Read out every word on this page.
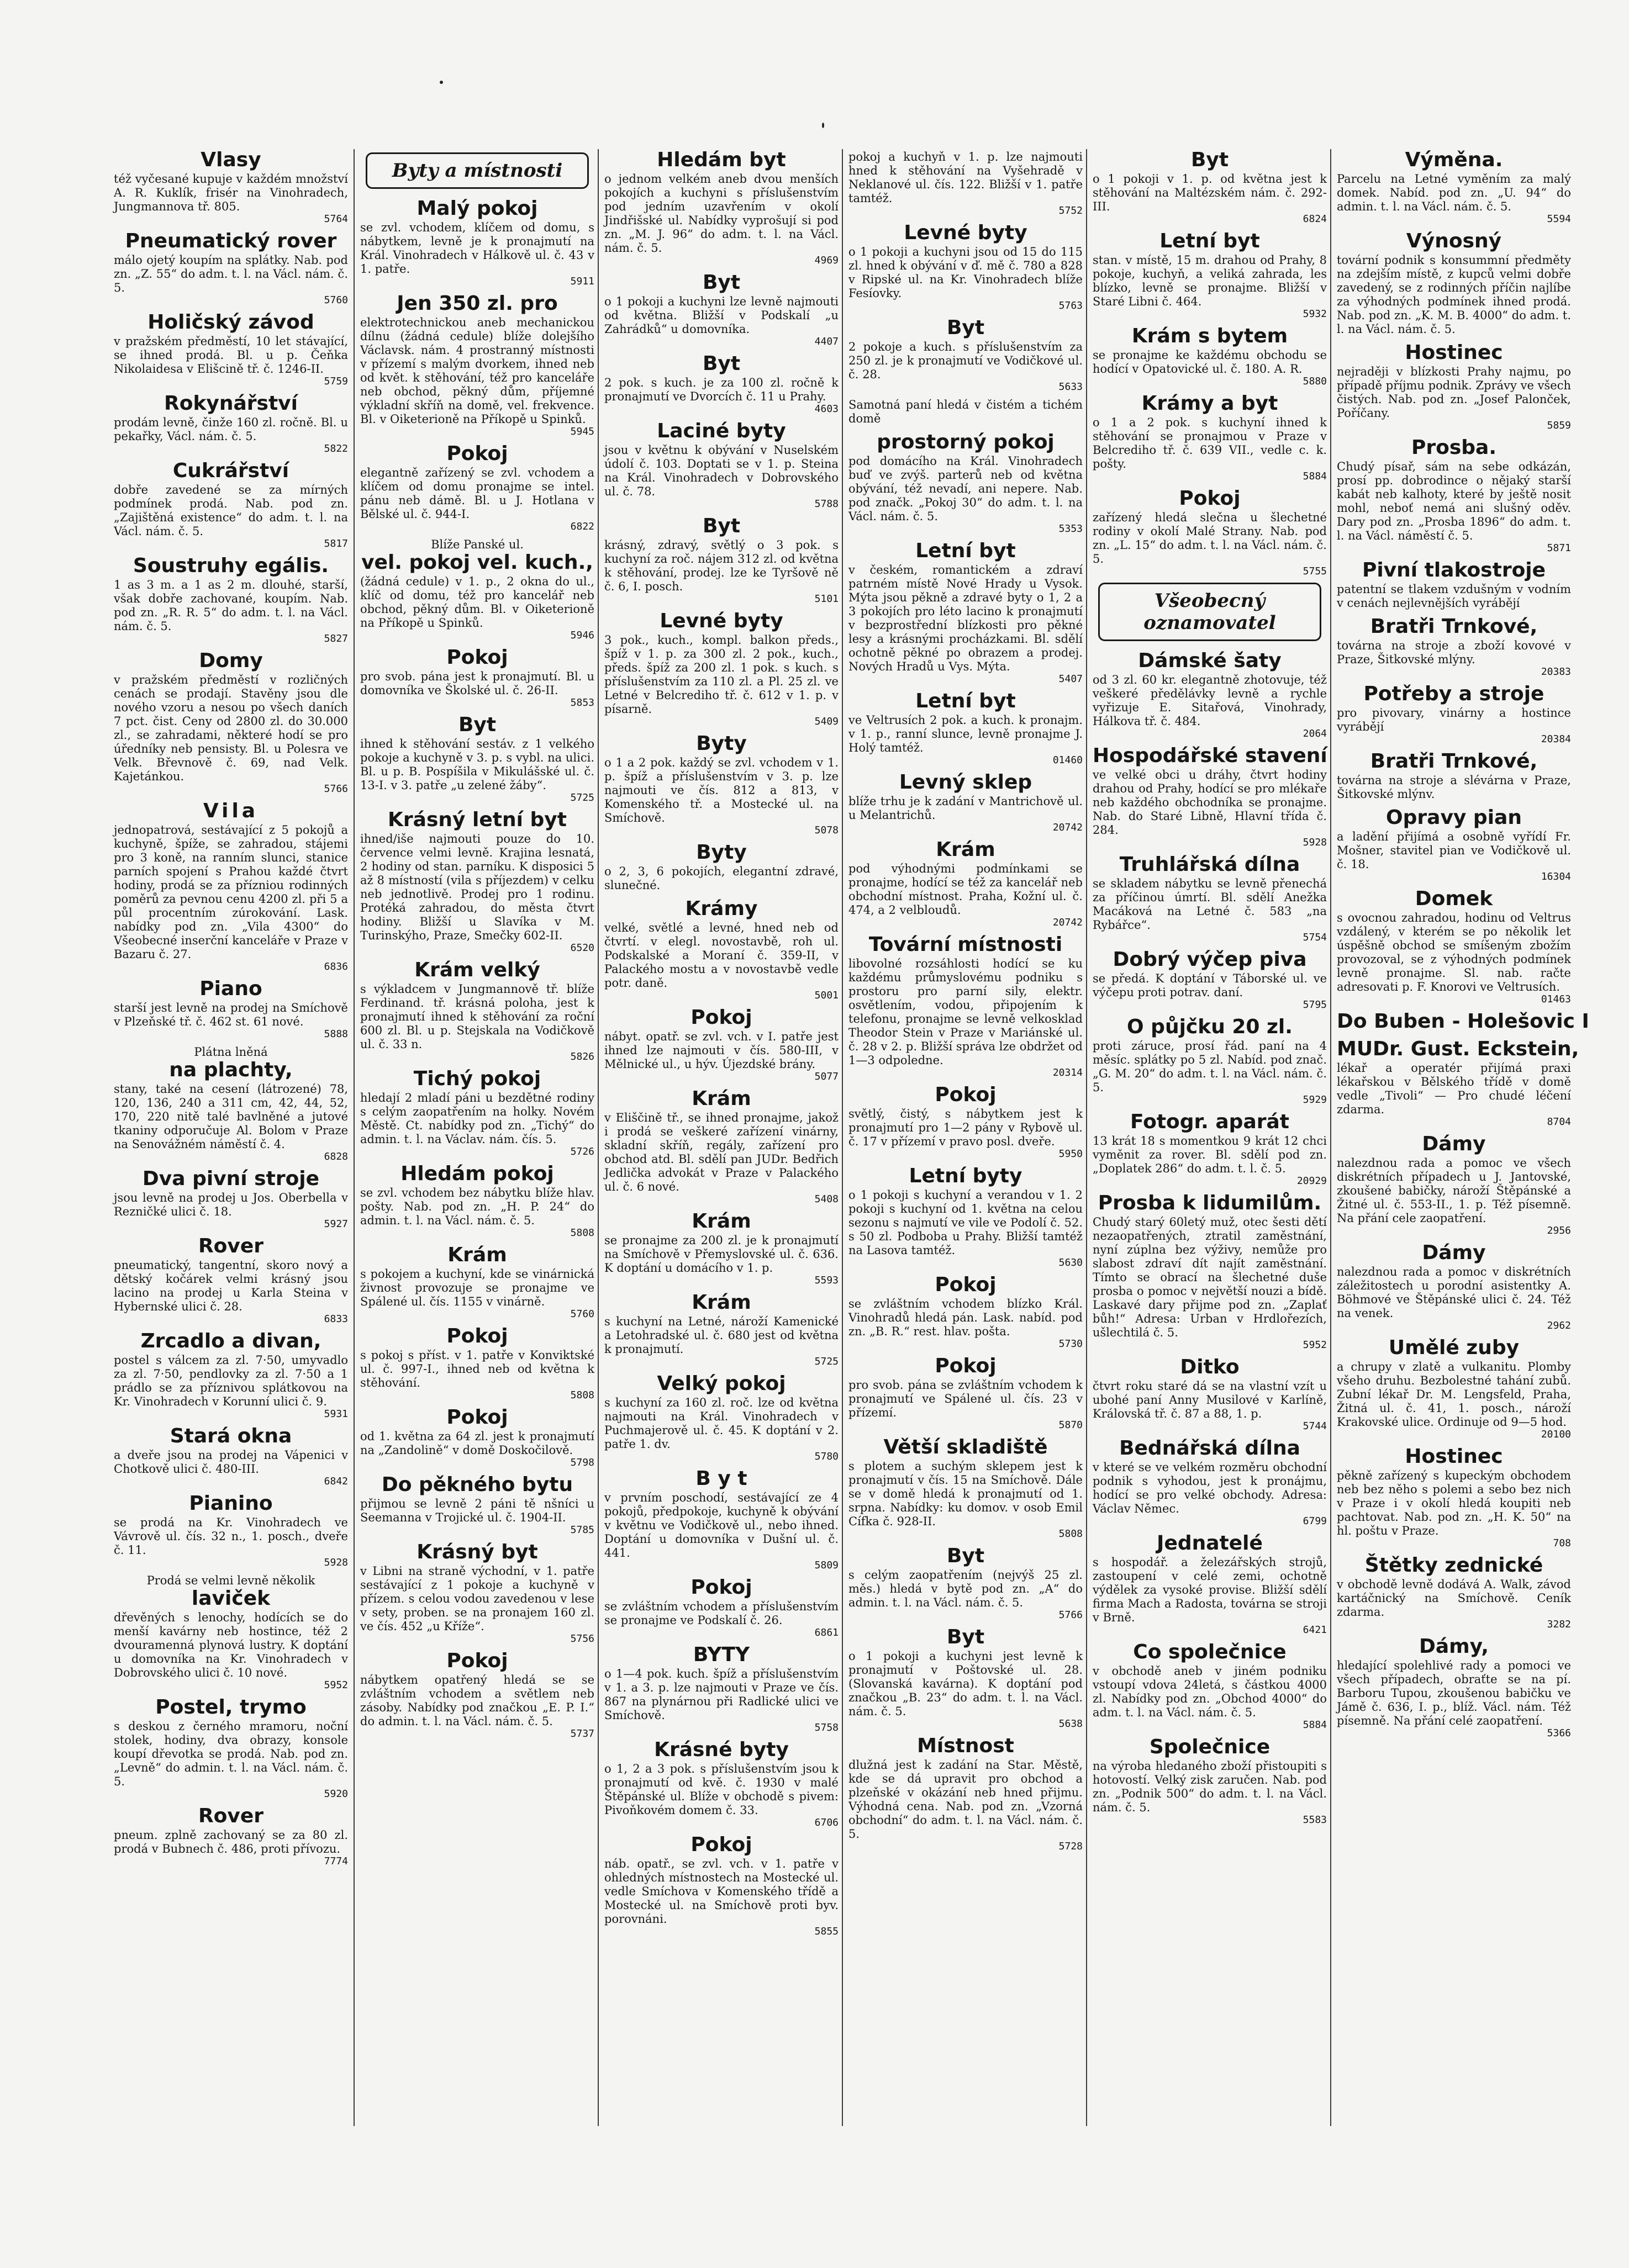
Vlasy
též vyčesané kupuje v každém množství A. R. Kuklík, frisér na Vinohradech, Jungmannova tř. 805.
5764
Pneumatický rover
málo ojetý koupím na splátky. Nab. pod zn. „Z. 55“ do adm. t. l. na Václ. nám. č. 5.
5760
Holičský závod
v pražském předměstí, 10 let stávající, se ihned prodá. Bl. u p. Čeňka Nikolaidesa v Elišcině tř. č. 1246-II.
5759
Rokynářství
prodám levně, činže 160 zl. ročně. Bl. u pekařky, Václ. nám. č. 5.
5822
Cukrářství
dobře zavedené se za mírných podmínek prodá. Nab. pod zn. „Zajištěná existence“ do adm. t. l. na Václ. nám. č. 5.
5817
Soustruhy egális.
1 as 3 m. a 1 as 2 m. dlouhé, starší, však dobře zachované, koupím. Nab. pod zn. „R. R. 5“ do adm. t. l. na Václ. nám. č. 5.
5827
Domy
v pražském předměstí v rozličných cenách se prodají. Stavěny jsou dle nového vzoru a nesou po všech daních 7 pct. čist. Ceny od 2800 zl. do 30.000 zl., se zahradami, některé hodí se pro úředníky neb pensisty. Bl. u Polesra ve Velk. Břevnově č. 69, nad Velk. Kajetánkou.
5766
Vila
jednopatrová, sestávající z 5 pokojů a kuchyně, špíže, se zahradou, stájemi pro 3 koně, na ranním slunci, stanice parních spojení s Prahou každé čtvrt hodiny, prodá se za přízniou rodinných poměrů za pevnou cenu 4200 zl. při 5 a půl procentním zúrokování. Lask. nabídky pod zn. „Vila 4300“ do Všeobecné inserční kanceláře v Praze v Bazaru č. 27.
6836
Piano
starší jest levně na prodej na Smíchově v Plzeňské tř. č. 462 st. 61 nové.
5888
Plátna lněná
na plachty,
stany, také na cesení (látrozené) 78, 120, 136, 240 a 311 cm, 42, 44, 52, 170, 220 nitě talé bavlněné a jutové tkaniny odporučuje Al. Bolom v Praze na Senovážném náměstí č. 4.
6828
Dva pivní stroje
jsou levně na prodej u Jos. Oberbella v Rezničké ulici č. 18.
5927
Rover
pneumatický, tangentní, skoro nový a dětský kočárek velmi krásný jsou lacino na prodej u Karla Steina v Hybernské ulici č. 28.
6833
Zrcadlo a divan,
postel s válcem za zl. 7·50, umyvadlo za zl. 7·50, pendlovky za zl. 7·50 a 1 prádlo se za příznivou splátkovou na Kr. Vinohradech v Korunní ulici č. 9.
5931
Stará okna
a dveře jsou na prodej na Vápenici v Chotkově ulici č. 480-III.
6842
Pianino
se prodá na Kr. Vinohradech ve Vávrově ul. čís. 32 n., 1. posch., dveře č. 11.
5928
Prodá se velmi levně několik
laviček
dřevěných s lenochy, hodících se do menší kavárny neb hostince, též 2 dvouramenná plynová lustry. K doptání u domovníka na Kr. Vinohradech v Dobrovského ulici č. 10 nové.
5952
Postel, trymo
s deskou z černého mramoru, noční stolek, hodiny, dva obrazy, konsole koupí dřevotka se prodá. Nab. pod zn. „Levně“ do admin. t. l. na Václ. nám. č. 5.
5920
Rover
pneum. zplně zachovaný se za 80 zl. prodá v Bubnech č. 486, proti přívozu.
7774
Byty a místnosti
Malý pokoj
se zvl. vchodem, klíčem od domu, s nábytkem, levně je k pronajmutí na Král. Vinohradech v Hálkově ul. č. 43 v 1. patře.
5911
Jen 350 zl. pro
elektrotechnickou aneb mechanickou dílnu (žádná cedule) blíže dolejšího Václavsk. nám. 4 prostranný místnosti v přízemí s malým dvorkem, ihned neb od květ. k stěhování, též pro kanceláře neb obchod, pěkný dům, příjemné výkladní skříň na domě, vel. frekvence. Bl. v Oiketerioně na Příkopě u Spinků.
5945
Pokoj
elegantně zařízený se zvl. vchodem a klíčem od domu pronajme se intel. pánu neb dámě. Bl. u J. Hotlana v Bělské ul. č. 944-I.
6822
Blíže Panské ul.
vel. pokoj vel. kuch.,
(žádná cedule) v 1. p., 2 okna do ul., klíč od domu, též pro kancelář neb obchod, pěkný dům. Bl. v Oiketerioně na Příkopě u Spinků.
5946
Pokoj
pro svob. pána jest k pronajmutí. Bl. u domovníka ve Školské ul. č. 26-II.
5853
Byt
ihned k stěhování sestáv. z 1 velkého pokoje a kuchyně v 3. p. s vybl. na ulici. Bl. u p. B. Pospíšila v Mikulášské ul. č. 13-I. v 3. patře „u zelené žáby“.
5725
Krásný letní byt
ihned/iše najmouti pouze do 10. července velmi levně. Krajina lesnatá, 2 hodiny od stan. parníku. K disposici 5 až 8 místností (vila s příjezdem) v celku neb jednotlivě. Prodej pro 1 rodinu. Protéká zahradou, do města čtvrt hodiny. Bližší u Slavíka v M. Turinskýho, Praze, Smečky 602-II.
6520
Krám velký
s výkladcem v Jungmannově tř. blíže Ferdinand. tř. krásná poloha, jest k pronajmutí ihned k stěhování za roční 600 zl. Bl. u p. Stejskala na Vodičkově ul. č. 33 n.
5826
Tichý pokoj
hledají 2 mladí páni u bezdětné rodiny s celým zaopatřením na holky. Novém Městě. Ct. nabídky pod zn. „Tichý“ do admin. t. l. na Václav. nám. čís. 5.
5726
Hledám pokoj
se zvl. vchodem bez nábytku blíže hlav. pošty. Nab. pod zn. „H. P. 24“ do admin. t. l. na Václ. nám. č. 5.
5808
Krám
s pokojem a kuchyní, kde se vinárnická živnost provozuje se pronajme ve Spálené ul. čís. 1155 v vinárně.
5760
Pokoj
s pokoj s příst. v 1. patře v Konviktské ul. č. 997-I., ihned neb od května k stěhování.
5808
Pokoj
od 1. května za 64 zl. jest k pronajmutí na „Zandolině“ v domě Doskočilově.
5798
Do pěkného bytu
přijmou se levně 2 páni tě nšníci u Seemanna v Trojické ul. č. 1904-II.
5785
Krásný byt
v Libni na straně východní, v 1. patře sestávající z 1 pokoje a kuchyně v přízem. s celou vodou zavedenou v lese v sety, proben. se na pronajem 160 zl. ve čís. 452 „u Kříže“.
5756
Pokoj
nábytkem opatřený hledá se se zvláštním vchodem a světlem neb zásoby. Nabídky pod značkou „E. P. I.“ do admin. t. l. na Václ. nám. č. 5.
5737
Hledám byt
o jednom velkém aneb dvou menších pokojích a kuchyni s příslušenstvím pod jedním uzavřením v okolí Jindřišské ul. Nabídky vyprošují si pod zn. „M. J. 96“ do adm. t. l. na Václ. nám. č. 5.
4969
Byt
o 1 pokoji a kuchyni lze levně najmouti od května. Bližší v Podskalí „u Zahrádků“ u domovníka.
4407
Byt
2 pok. s kuch. je za 100 zl. ročně k pronajmutí ve Dvorcích č. 11 u Prahy.
4603
Laciné byty
jsou v květnu k obývání v Nuselském údolí č. 103. Doptati se v 1. p. Steina na Král. Vinohradech v Dobrovského ul. č. 78.
5788
Byt
krásný, zdravý, světlý o 3 pok. s kuchyní za roč. nájem 312 zl. od května k stěhování, prodej. lze ke Tyršově ně č. 6, I. posch.
5101
Levné byty
3 pok., kuch., kompl. balkon předs., špíž v 1. p. za 300 zl. 2 pok., kuch., předs. špíž za 200 zl. 1 pok. s kuch. s příslušenstvím za 110 zl. a Pl. 25 zl. ve Letné v Belcrediho tř. č. 612 v 1. p. v písarně.
5409
Byty
o 1 a 2 pok. každý se zvl. vchodem v 1. p. špíž a příslušenstvím v 3. p. lze najmouti ve čís. 812 a 813, v Komenského tř. a Mostecké ul. na Smíchově.
5078
Byty
o 2, 3, 6 pokojích, elegantní zdravé, slunečné.
Krámy
velké, světlé a levné, hned neb od čtvrtí. v elegl. novostavbě, roh ul. Podskalské a Moraní č. 359-II, v Palackého mostu a v novostavbě vedle potr. daně.
5001
Pokoj
nábyt. opatř. se zvl. vch. v I. patře jest ihned lze najmouti v čís. 580-III, v Mělnické ul., u hýv. Újezdské brány.
5077
Krám
v Eliščině tř., se ihned pronajme, jakož i prodá se veškeré zařízení vinárny, skladní skříň, regály, zařízení pro obchod atd. Bl. sdělí pan JUDr. Bedřich Jedlička advokát v Praze v Palackého ul. č. 6 nové.
5408
Krám
se pronajme za 200 zl. je k pronajmutí na Smíchově v Přemyslovské ul. č. 636. K doptání u domácího v 1. p.
5593
Krám
s kuchyní na Letné, nároží Kamenické a Letohradské ul. č. 680 jest od května k pronajmutí.
5725
Velký pokoj
s kuchyní za 160 zl. roč. lze od května najmouti na Král. Vinohradech v Puchmajerově ul. č. 45. K doptání v 2. patře 1. dv.
5780
B y t
v prvním poschodí, sestávající ze 4 pokojů, předpokoje, kuchyně k obývání v květnu ve Vodičkově ul., nebo ihned. Doptání u domovníka v Dušní ul. č. 441.
5809
Pokoj
se zvláštním vchodem a příslušenstvím se pronajme ve Podskalí č. 26.
6861
BYTY
o 1—4 pok. kuch. špíž a příslušenstvím v 1. a 3. p. lze najmouti v Praze ve čís. 867 na plynárnou při Radlické ulici ve Smíchově.
5758
Krásné byty
o 1, 2 a 3 pok. s příslušenstvím jsou k pronajmutí od kvě. č. 1930 v malé Štěpánské ul. Blíže v obchodě s pivem: Pivoňkovém domem č. 33.
6706
Pokoj
náb. opatř., se zvl. vch. v 1. patře v ohledných místnostech na Mostecké ul. vedle Smíchova v Komenského třídě a Mostecké ul. na Smíchově proti byv. porovnáni.
5855
pokoj a kuchyň v 1. p. lze najmouti hned k stěhování na Vyšehradě v Neklanové ul. čís. 122. Bližší v 1. patře tamtéž.
5752
Levné byty
o 1 pokoji a kuchyni jsou od 15 do 115 zl. hned k obývání v ď. mě č. 780 a 828 v Ripské ul. na Kr. Vinohradech blíže Fesíovky.
5763
Byt
2 pokoje a kuch. s příslušenstvím za 250 zl. je k pronajmutí ve Vodičkové ul. č. 28.
5633
Samotná paní hledá v čistém a tichém domě
prostorný pokoj
pod domácího na Král. Vinohradech buď ve zvýš. parterů neb od května obývání, též nevadí, ani nepere. Nab. pod značk. „Pokoj 30“ do adm. t. l. na Václ. nám. č. 5.
5353
Letní byt
v českém, romantickém a zdraví patrném místě Nové Hrady u Vysok. Mýta jsou pěkně a zdravé byty o 1, 2 a 3 pokojích pro léto lacino k pronajmutí v bezprostřední blízkosti pro pěkné lesy a krásnými procházkami. Bl. sdělí ochotně pěkné po obrazem a prodej. Nových Hradů u Vys. Mýta.
5407
Letní byt
ve Veltrusích 2 pok. a kuch. k pronajm. v 1. p., ranní slunce, levně pronajme J. Holý tamtéž.
01460
Levný sklep
blíže trhu je k zadání v Mantrichově ul. u Melantrichů.
20742
Krám
pod výhodnými podmínkami se pronajme, hodící se též za kancelář neb obchodní místnost. Praha, Kožní ul. č. 474, a 2 velbloudů.
20742
Tovární místnosti
libovolné rozsáhlosti hodící se ku každému průmyslovému podniku s prostoru pro parní sily, elektr. osvětlením, vodou, připojením k telefonu, pronajme se levně velkosklad Theodor Stein v Praze v Mariánské ul. č. 28 v 2. p. Bližší správa lze obdržet od 1—3 odpoledne.
20314
Pokoj
světlý, čistý, s nábytkem jest k pronajmutí pro 1—2 pány v Rybově ul. č. 17 v přízemí v pravo posl. dveře.
5950
Letní byty
o 1 pokoji s kuchyní a verandou v 1. 2 pokoji s kuchyní od 1. května na celou sezonu s najmutí ve vile ve Podolí č. 52. s 50 zl. Podboba u Prahy. Bližší tamtéž na Lasova tamtéž.
5630
Pokoj
se zvláštním vchodem blízko Král. Vinohradů hledá pán. Lask. nabíd. pod zn. „B. R.“ rest. hlav. pošta.
5730
Pokoj
pro svob. pána se zvláštním vchodem k pronajmutí ve Spálené ul. čís. 23 v přízemí.
5870
Větší skladiště
s plotem a suchým sklepem jest k pronajmutí v čís. 15 na Smíchově. Dále se v domě hledá k pronajmutí od 1. srpna. Nabídky: ku domov. v osob Emil Cífka č. 928-II.
5808
Byt
s celým zaopatřením (nejvýš 25 zl. měs.) hledá v bytě pod zn. „A“ do admin. t. l. na Václ. nám. č. 5.
5766
Byt
o 1 pokoji a kuchyni jest levně k pronajmutí v Poštovské ul. 28. (Slovanská kavárna). K doptání pod značkou „B. 23“ do adm. t. l. na Václ. nám. č. 5.
5638
Místnost
dlužná jest k zadání na Star. Městě, kde se dá upravit pro obchod a plzeňské v okázání neb hned přijmu. Výhodná cena. Nab. pod zn. „Vzorná obchodní“ do adm. t. l. na Václ. nám. č. 5.
5728
Byt
o 1 pokoji v 1. p. od května jest k stěhování na Maltézském nám. č. 292-III.
6824
Letní byt
stan. v místě, 15 m. drahou od Prahy, 8 pokoje, kuchyň, a veliká zahrada, les blízko, levně se pronajme. Bližší v Staré Libni č. 464.
5932
Krám s bytem
se pronajme ke každému obchodu se hodící v Opatovické ul. č. 180. A. R.
5880
Krámy a byt
o 1 a 2 pok. s kuchyní ihned k stěhování se pronajmou v Praze v Belcrediho tř. č. 639 VII., vedle c. k. pošty.
5884
Pokoj
zařízený hledá slečna u šlechetné rodiny v okolí Malé Strany. Nab. pod zn. „L. 15“ do adm. t. l. na Václ. nám. č. 5.
5755
Všeobecný oznamovatel
Dámské šaty
od 3 zl. 60 kr. elegantně zhotovuje, též veškeré předělávky levně a rychle vyřizuje E. Sitařová, Vinohrady, Hálkova tř. č. 484.
2064
Hospodářské stavení
ve velké obci u dráhy, čtvrt hodiny drahou od Prahy, hodící se pro mlékaře neb každého obchodníka se pronajme. Nab. do Staré Libně, Hlavní třída č. 284.
5928
Truhlářská dílna
se skladem nábytku se levně přenechá za příčinou úmrtí. Bl. sdělí Anežka Macáková na Letné č. 583 „na Rybářce“.
5754
Dobrý výčep piva
se předá. K doptání v Táborské ul. ve výčepu proti potrav. daní.
5795
O půjčku 20 zl.
proti záruce, prosí řád. paní na 4 měsíc. splátky po 5 zl. Nabíd. pod znač. „G. M. 20“ do adm. t. l. na Václ. nám. č. 5.
5929
Fotogr. aparát
13 krát 18 s momentkou 9 krát 12 chci vyměnit za rover. Bl. sdělí pod zn. „Doplatek 286“ do adm. t. l. č. 5.
20929
Prosba k lidumilům.
Chudý starý 60letý muž, otec šesti dětí nezaopatřených, ztratil zaměstnání, nyní zúplna bez výživy, nemůže pro slabost zdraví dít najít zaměstnání. Tímto se obrací na šlechetné duše prosba o pomoc v největší nouzi a bídě. Laskavé dary přijme pod zn. „Zaplať bůh!“ Adresa: Urban v Hrdlořezích, ušlechtilá č. 5.
5952
Ditko
čtvrt roku staré dá se na vlastní vzít u ubohé paní Anny Musilové v Karlíně, Královská tř. č. 87 a 88, 1. p.
5744
Bednářská dílna
v které se ve velkém rozměru obchodní podnik s vyhodou, jest k pronájmu, hodící se pro velké obchody. Adresa: Václav Němec.
6799
Jednatelé
s hospodář. a železářských strojů, zastoupení v celé zemi, ochotně výdělek za vysoké provise. Bližší sdělí firma Mach a Radosta, továrna se stroji v Brně.
6421
Co společnice
v obchodě aneb v jiném podniku vstoupí vdova 24letá, s částkou 4000 zl. Nabídky pod zn. „Obchod 4000“ do adm. t. l. na Václ. nám. č. 5.
5884
Společnice
na výroba hledaného zboží přistoupiti s hotovostí. Velký zisk zaručen. Nab. pod zn. „Podnik 500“ do adm. t. l. na Václ. nám. č. 5.
5583
Výměna.
Parcelu na Letné vyměním za malý domek. Nabíd. pod zn. „U. 94“ do admin. t. l. na Václ. nám. č. 5.
5594
Výnosný
tovární podnik s konsummní předměty na zdejším místě, z kupců velmi dobře zavedený, se z rodinných příčin najlíbe za výhodných podmínek ihned prodá. Nab. pod zn. „K. M. B. 4000“ do adm. t. l. na Václ. nám. č. 5.
Hostinec
nejraději v blízkosti Prahy najmu, po případě příjmu podnik. Zprávy ve všech čistých. Nab. pod zn. „Josef Palonček, Poříčany.
5859
Prosba.
Chudý písař, sám na sebe odkázán, prosí pp. dobrodince o nějaký starší kabát neb kalhoty, které by ještě nosit mohl, neboť nemá ani slušný oděv. Dary pod zn. „Prosba 1896“ do adm. t. l. na Václ. náměstí č. 5.
5871
Pivní tlakostroje
patentní se tlakem vzdušným v vodním v cenách nejlevnějších vyrábějí
Bratři Trnkové,
továrna na stroje a zboží kovové v Praze, Šitkovské mlýny.
20383
Potřeby a stroje
pro pivovary, vinárny a hostince vyrábějí
20384
Bratři Trnkové,
továrna na stroje a slévárna v Praze, Šitkovské mlýnv.
Opravy pian
a ladění přijímá a osobně vyřídí Fr. Mošner, stavitel pian ve Vodičkově ul. č. 18.
16304
Domek
s ovocnou zahradou, hodinu od Veltrus vzdálený, v kterém se po několik let úspěšně obchod se smíšeným zbožím provozoval, se z výhodných podmínek levně pronajme. Sl. nab. račte adresovati p. F. Knorovi ve Veltrusích.
01463
Do Buben - Holešovic I
MUDr. Gust. Eckstein,
lékař a operatér přijímá praxi lékařskou v Bělského třídě v domě vedle „Tivoli“ — Pro chudé léčení zdarma.
8704
Dámy
nalezdnou rada a pomoc ve všech diskrétních případech u J. Jantovské, zkoušené babičky, nároží Štěpánské a Žitné ul. č. 553-II., 1. p. Též písemně. Na přání cele zaopatření.
2956
Dámy
nalezdnou rada a pomoc v diskrétních záležitostech u porodní asistentky A. Böhmové ve Štěpánské ulici č. 24. Též na venek.
2962
Umělé zuby
a chrupy v zlatě a vulkanitu. Plomby všeho druhu. Bezbolestné tahání zubů. Zubní lékař Dr. M. Lengsfeld, Praha, Žitná ul. č. 41, 1. posch., nároží Krakovské ulice. Ordinuje od 9—5 hod.
20100
Hostinec
pěkně zařízený s kupeckým obchodem neb bez něho s polemi a sebo bez nich v Praze i v okolí hledá koupiti neb pachtovat. Nab. pod zn. „H. K. 50“ na hl. poštu v Praze.
708
Štětky zednické
v obchodě levně dodává A. Walk, závod kartáčnický na Smíchově. Ceník zdarma.
3282
Dámy,
hledající spolehlivé rady a pomoci ve všech případech, obraťte se na pí. Barboru Tupou, zkoušenou babičku ve Jámě č. 636, I. p., blíž. Václ. nám. Též písemně. Na přání celé zaopatření.
5366
